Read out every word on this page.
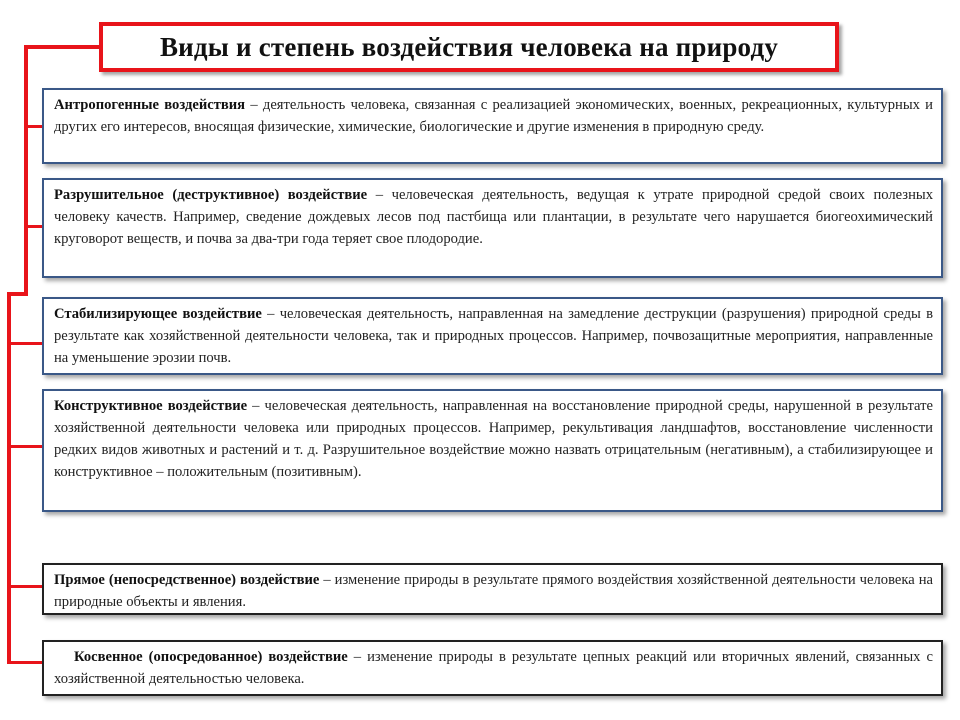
Виды и степень воздействия человека на природу
Антропогенные воздействия – деятельность человека, связанная с реализацией экономических, военных, рекреационных, культурных и других его интересов, вносящая физические, химические, биологические и другие изменения в природную среду.
Разрушительное (деструктивное) воздействие – человеческая деятельность, ведущая к утрате природной средой своих полезных человеку качеств. Например, сведение дождевых лесов под пастбища или плантации, в результате чего нарушается биогеохимический круговорот веществ, и почва за два-три года теряет свое плодородие.
Стабилизирующее воздействие – человеческая деятельность, направленная на замедление деструкции (разрушения) природной среды в результате как хозяйственной деятельности человека, так и природных процессов. Например, почвозащитные мероприятия, направленные на уменьшение эрозии почв.
Конструктивное воздействие – человеческая деятельность, направленная на восстановление природной среды, нарушенной в результате хозяйственной деятельности человека или природных процессов. Например, рекультивация ландшафтов, восстановление численности редких видов животных и растений и т. д. Разрушительное воздействие можно назвать отрицательным (негативным), а стабилизирующее и конструктивное – положительным (позитивным).
Прямое (непосредственное) воздействие – изменение природы в результате прямого воздействия хозяйственной деятельности человека на природные объекты и явления.
Косвенное (опосредованное) воздействие – изменение природы в результате цепных реакций или вторичных явлений, связанных с хозяйственной деятельностью человека.
